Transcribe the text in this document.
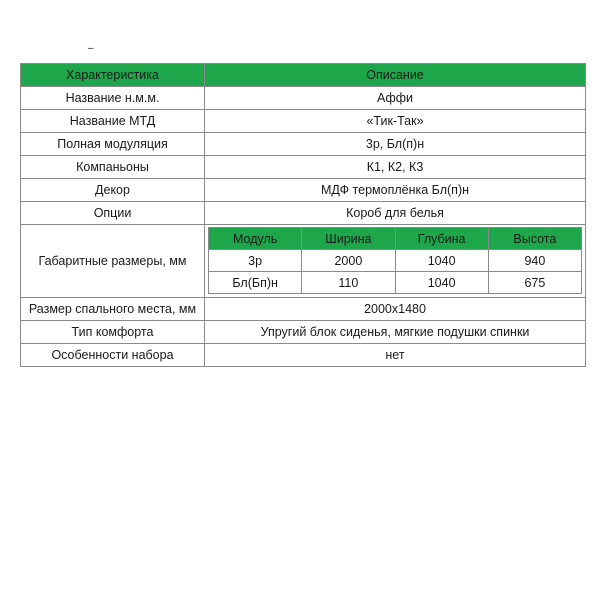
–
Характеристика	Описание
Название н.м.м.	Аффи
Название МТД	«Тик-Так»
Полная модуляция	3р, Бл(п)н
Компаньоны	К1, К2, К3
Декор	МДФ термоплёнка Бл(п)н
Опции	Короб для белья
Габаритные размеры, мм	
Модуль	Ширина	Глубина	Высота
3р	2000	1040	940
Бл(Бп)н	110	1040	675

Размер спального места, мм	2000х1480
Тип комфорта	Упругий блок сиденья, мягкие подушки спинки
Особенности набора	нет
